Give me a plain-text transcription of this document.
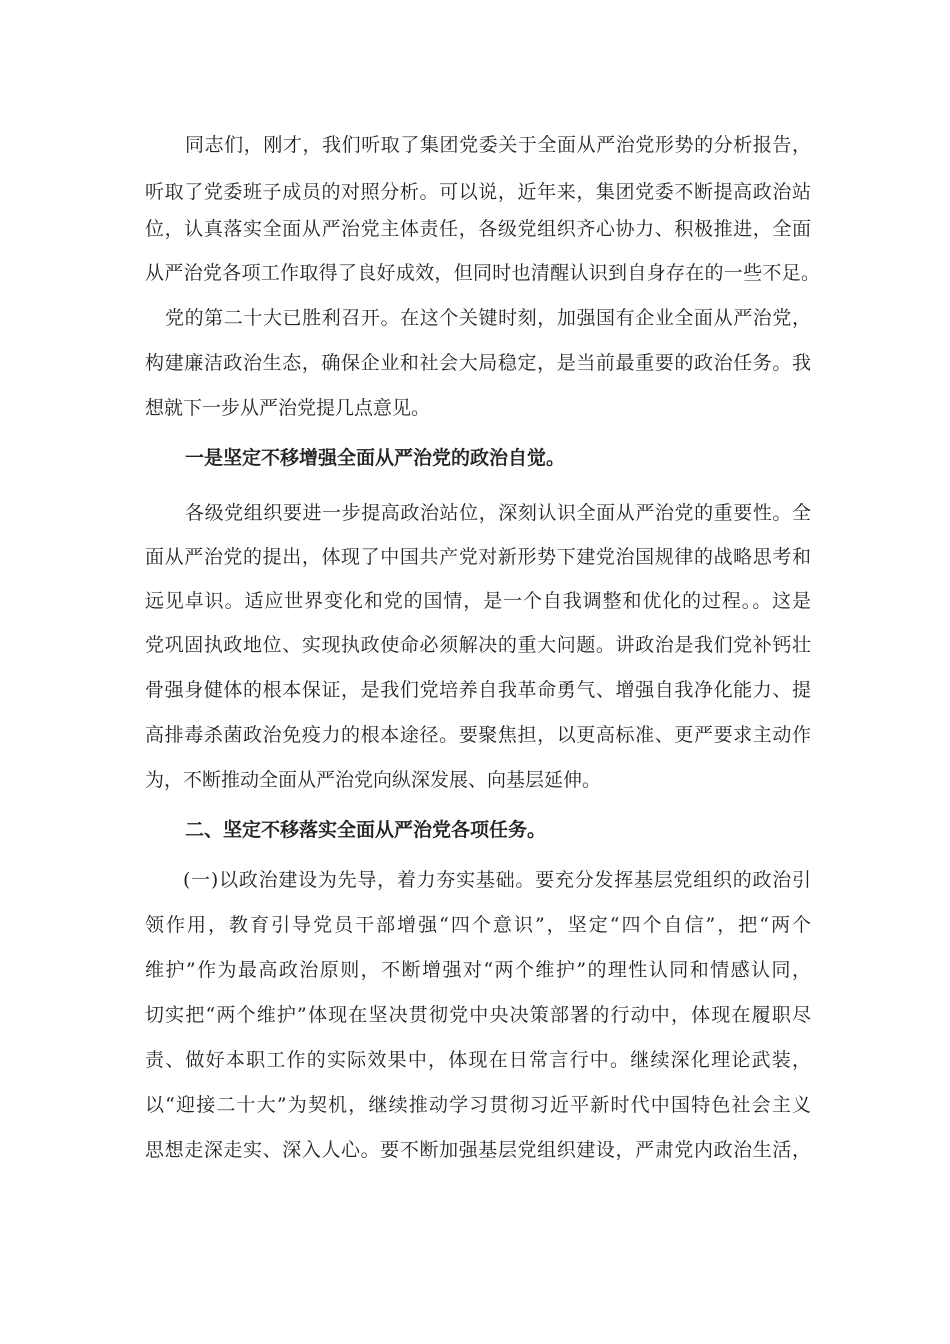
同志们，刚才，我们听取了集团党委关于全面从严治党形势的分析报告，
听取了党委班子成员的对照分析。可以说，近年来，集团党委不断提高政治站
位，认真落实全面从严治党主体责任，各级党组织齐心协力、积极推进，全面
从严治党各项工作取得了良好成效，但同时也清醒认识到自身存在的一些不足。
党的第二十大已胜利召开。在这个关键时刻，加强国有企业全面从严治党，
构建廉洁政治生态，确保企业和社会大局稳定，是当前最重要的政治任务。我
想就下一步从严治党提几点意见。
一是坚定不移增强全面从严治党的政治自觉。
各级党组织要进一步提高政治站位，深刻认识全面从严治党的重要性。全
面从严治党的提出，体现了中国共产党对新形势下建党治国规律的战略思考和
远见卓识。适应世界变化和党的国情，是一个自我调整和优化的过程。。这是
党巩固执政地位、实现执政使命必须解决的重大问题。讲政治是我们党补钙壮
骨强身健体的根本保证，是我们党培养自我革命勇气、增强自我净化能力、提
高排毒杀菌政治免疫力的根本途径。要聚焦担，以更高标准、更严要求主动作
为，不断推动全面从严治党向纵深发展、向基层延伸。
二、坚定不移落实全面从严治党各项任务。
(一)以政治建设为先导，着力夯实基础。要充分发挥基层党组织的政治引
领作用，教育引导党员干部增强“四个意识”，坚定“四个自信”，把“两个
维护”作为最高政治原则，不断增强对“两个维护”的理性认同和情感认同，
切实把“两个维护”体现在坚决贯彻党中央决策部署的行动中，体现在履职尽
责、做好本职工作的实际效果中，体现在日常言行中。继续深化理论武装，
以“迎接二十大”为契机，继续推动学习贯彻习近平新时代中国特色社会主义
思想走深走实、深入人心。要不断加强基层党组织建设，严肃党内政治生活，
